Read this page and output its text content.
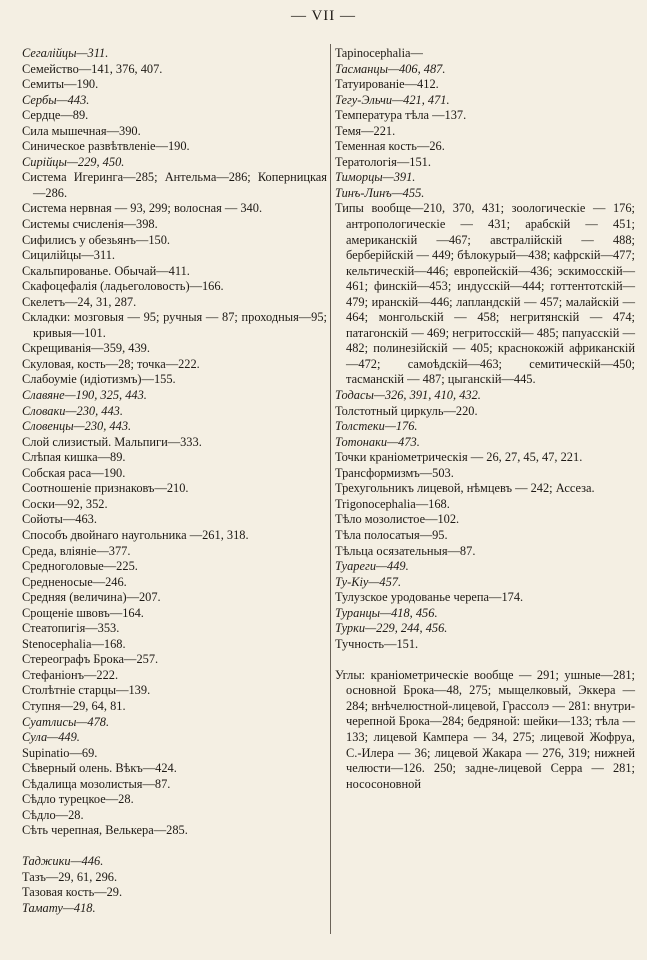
— VII —
Сегалійцы—311.
Семейство—141, 376, 407.
Семиты—190.
Сербы—443.
Сердце—89.
Сила мышечная—390.
Синическое развѣтвленіе—190.
Сирійцы—229, 450.
Система Игеринга—285; Антельма—286; Коперницкая—286.
Система нервная — 93, 299; волосная — 340.
Системы счисленія—398.
Сифилисъ у обезьянъ—150.
Сицилійцы—311.
Скальпированье. Обычай—411.
Скафоцефалія (ладьеголовость)—166.
Скелетъ—24, 31, 287.
Складки: мозговыя — 95; ручныя — 87; проходныя—95; кривыя—101.
Скрещиванія—359, 439.
Скуловая, кость—28; точка—222.
Слабоумiе (идіотизмъ)—155.
Славяне—190, 325, 443.
Словаки—230, 443.
Словенцы—230, 443.
Слой слизистый. Мальпиги—333.
Слѣпая кишка—89.
Собская раса—190.
Соотношеніе признаковъ—210.
Соски—92, 352.
Сойоты—463.
Способъ двойнаго наугольника —261, 318.
Среда, вліяніе—377.
Средноголовые—225.
Средненосые—246.
Средняя (величина)—207.
Срощеніе швовъ—164.
Стеатопигія—353.
Stenocephalia—168.
Стереографъ Брока—257.
Стефаніонъ—222.
Столѣтніе старцы—139.
Ступня—29, 64, 81.
Суатлисы—478.
Сула—449.
Supinatio—69.
Сѣверный олень. Вѣкъ—424.
Сѣдалища мозолистыя—87.
Сѣдло турецкое—28.
Сѣдло—28.
Сѣть черепная, Велькера—285.
Таджики—446.
Тазъ—29, 61, 296.
Тазовая кость—29.
Тамату—418.
Tapinocephalia—
Тасманцы—406, 487.
Татуированіе—412.
Тегу-Эльчи—421, 471.
Температура тѣла —137.
Темя—221.
Теменная кость—26.
Тератологія—151.
Тиморцы—391.
Тинъ-Линъ—455.
Типы вообще—210, 370, 431; зоологическіе — 176; антропологическіе — 431; арабскій — 451; американскій —467; австралійскій — 488; берберійскій — 449; бѣлокурый—438; кафрскій—477; кельтическій—446; европейскій—436; эскимосскій— 461; финскій—453; индусскій—444; готтентотскій—479; иранскій—446; лапландскій — 457; малайскій — 464; монгольскій — 458; негритянскій — 474; патагонскій — 469; негритосскій— 485; папуасскій — 482; полинезійскій — 405; краснокожій африканскій—472; самоѣдскій—463; семитическій—450; тасманскій — 487; цыганскій—445.
Тодасы—326, 391, 410, 432.
Толстотный циркуль—220.
Толстеки—176.
Тотонаки—473.
Точки краніометрическія — 26, 27, 45, 47, 221.
Трансформизмъ—503.
Трехугольникъ лицевой, нѣмцевъ — 242; Ассеза.
Trigonocephalia—168.
Тѣло мозолистое—102.
Тѣла полосатыя—95.
Тѣльца осязательныя—87.
Туареги—449.
Ту-Кіу—457.
Тулузское уродованье черепа—174.
Туранцы—418, 456.
Турки—229, 244, 456.
Тучность—151.
Углы: краніометрическіе вообще — 291; ушные—281; основной Брока—48, 275; мыщелковый, Эккера — 284; внѣчелюстной-лицевой, Грассолэ — 281: внутри-черепной Брока—284; бедряной: шейки—133; тѣла — 133; лицевой Кампера — 34, 275; лицевой Жофруа, С.-Илера — 36; лицевой Жакара — 276, 319; нижней челюсти—126. 250; задне-лицевой Серра — 281; нососоновной
